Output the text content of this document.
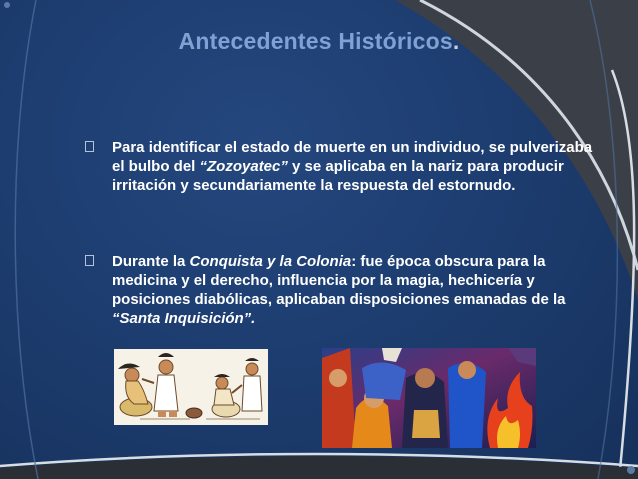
Antecedentes Históricos.
Para identificar el estado de muerte en un individuo, se pulverizaba el bulbo del “Zozoyatec” y se aplicaba en la nariz para producir irritación y secundariamente la respuesta del estornudo.
Durante la Conquista y la Colonia: fue época obscura para la medicina y el derecho, influencia por la magia, hechicería y posiciones diabólicas, aplicaban disposiciones emanadas de la “Santa Inquisición”.
